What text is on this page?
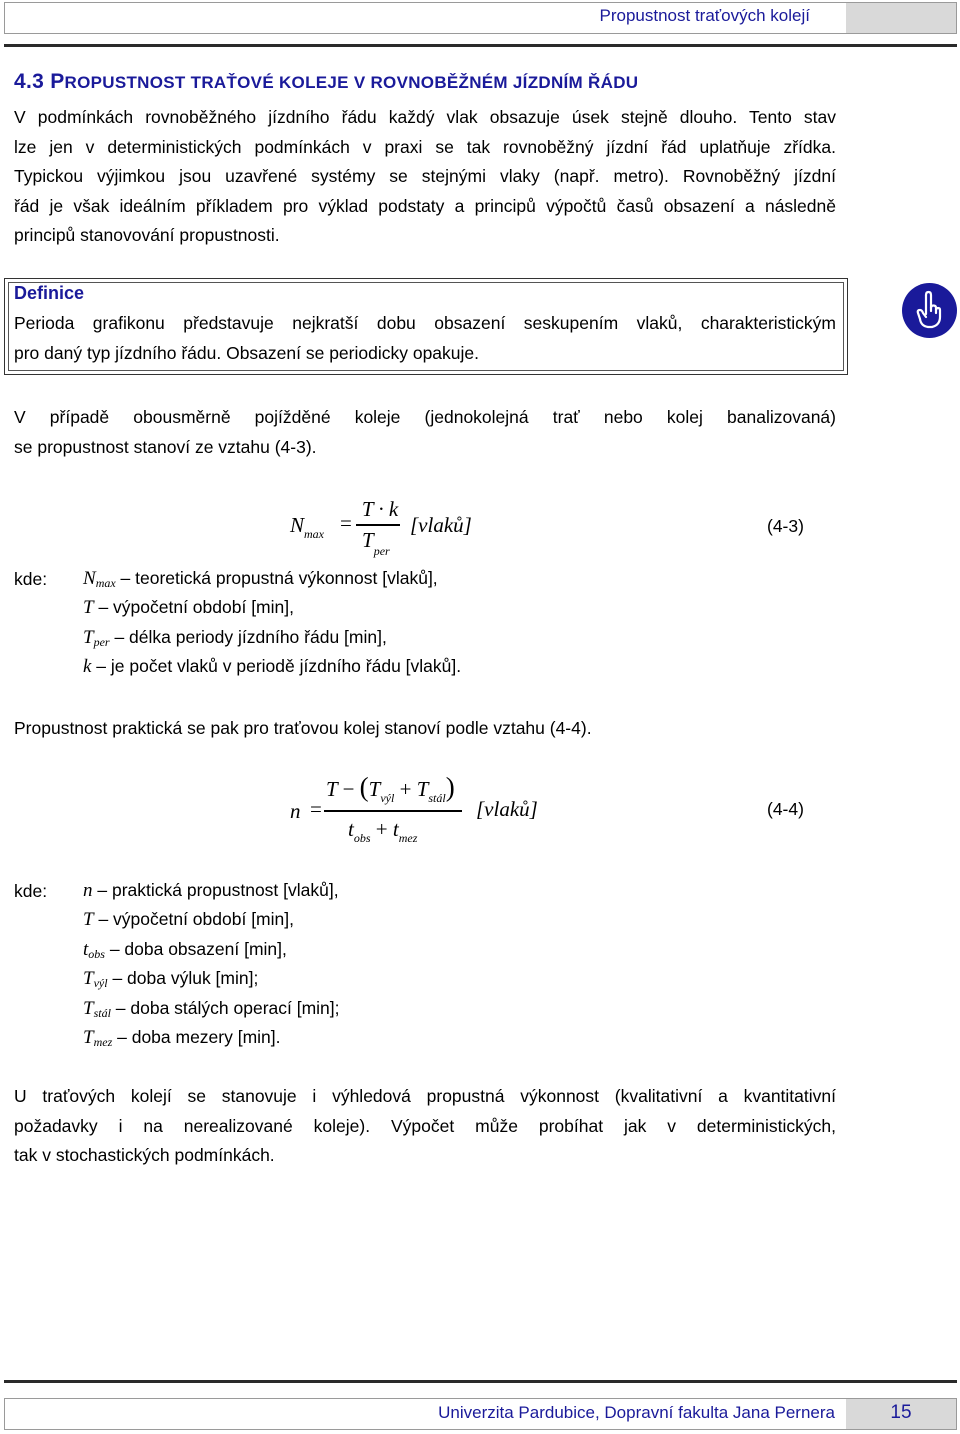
Propustnost traťových kolejí
4.3 PROPUSTNOST TRAŤOVÉ KOLEJE V ROVNOBĚŽNÉM JÍZDNÍM ŘÁDU
V podmínkách rovnoběžného jízdního řádu každý vlak obsazuje úsek stejně dlouho. Tento stav
lze jen v deterministických podmínkách v praxi se tak rovnoběžný jízdní řád uplatňuje zřídka.
Typickou výjimkou jsou uzavřené systémy se stejnými vlaky (např. metro). Rovnoběžný jízdní
řád je však ideálním příkladem pro výklad podstaty a principů výpočtů časů obsazení a následně
principů stanovování propustnosti.
Definice
Perioda grafikonu představuje nejkratší dobu obsazení seskupením vlaků, charakteristickým
pro daný typ jízdního řádu. Obsazení se periodicky opakuje.
V případě obousměrně pojížděné koleje (jednokolejná trať nebo kolej banalizovaná)
se propustnost stanoví ze vztahu (4-3).
$N_{max}$ =
T · k
$T_{per}$
[vlaků]	(4-3)
kde: Nmax – teoretická propustná výkonnost [vlaků],
T – výpočetní období [min],
Tper – délka periody jízdního řádu [min],
k – je počet vlaků v periodě jízdního řádu [vlaků].
Propustnost praktická se pak pro traťovou kolej stanoví podle vztahu (4-4).
n =
$T - (T_{výl} + T_{stál})$
$t_{obs} + t_{mez}$
[vlaků]	(4-4)
kde: n – praktická propustnost [vlaků],
T – výpočetní období [min],
tobs – doba obsazení [min],
Tvýl – doba výluk [min];
Tstál – doba stálých operací [min];
Tmez – doba mezery [min].
U traťových kolejí se stanovuje i výhledová propustná výkonnost (kvalitativní a kvantitativní
požadavky i na nerealizované koleje). Výpočet může probíhat jak v deterministických,
tak v stochastických podmínkách.
Univerzita Pardubice, Dopravní fakulta Jana Pernera	15
